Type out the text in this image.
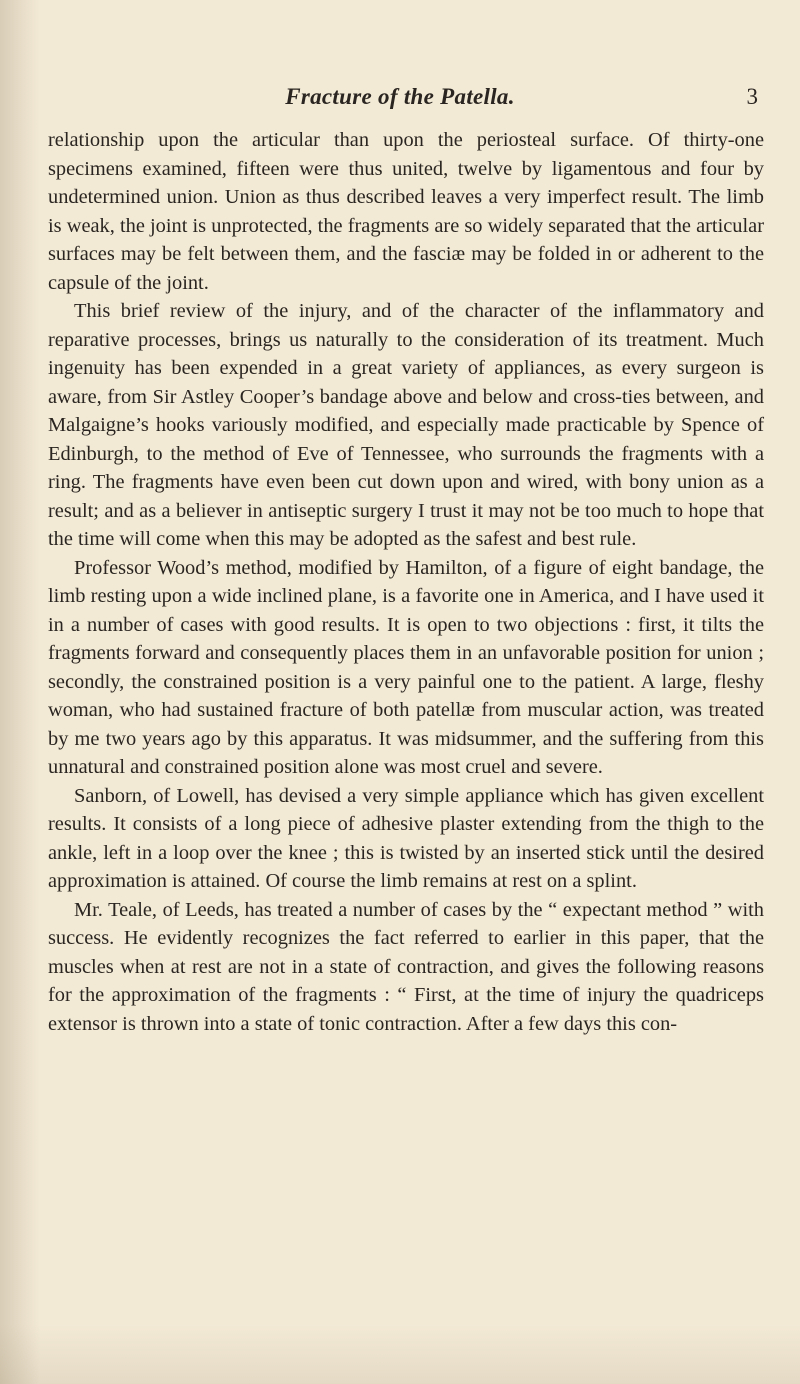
Fracture of the Patella.	3

relationship upon the articular than upon the periosteal surface. Of thirty-one specimens examined, fifteen were thus united, twelve by ligamentous and four by undetermined union. Union as thus described leaves a very imperfect result. The limb is weak, the joint is unprotected, the fragments are so widely separated that the articular surfaces may be felt between them, and the fasciæ may be folded in or adherent to the capsule of the joint.

This brief review of the injury, and of the character of the inflammatory and reparative processes, brings us naturally to the consideration of its treatment. Much ingenuity has been expended in a great variety of appliances, as every surgeon is aware, from Sir Astley Cooper’s bandage above and below and cross-ties between, and Malgaigne’s hooks variously modified, and especially made practicable by Spence of Edinburgh, to the method of Eve of Tennessee, who surrounds the fragments with a ring. The fragments have even been cut down upon and wired, with bony union as a result; and as a believer in antiseptic surgery I trust it may not be too much to hope that the time will come when this may be adopted as the safest and best rule.

Professor Wood’s method, modified by Hamilton, of a figure of eight bandage, the limb resting upon a wide inclined plane, is a favorite one in America, and I have used it in a number of cases with good results. It is open to two objections : first, it tilts the fragments forward and consequently places them in an unfavorable position for union ; secondly, the constrained position is a very painful one to the patient. A large, fleshy woman, who had sustained fracture of both patellæ from muscular action, was treated by me two years ago by this apparatus. It was midsummer, and the suffering from this unnatural and constrained position alone was most cruel and severe.

Sanborn, of Lowell, has devised a very simple appliance which has given excellent results. It consists of a long piece of adhesive plaster extending from the thigh to the ankle, left in a loop over the knee ; this is twisted by an inserted stick until the desired approximation is attained. Of course the limb remains at rest on a splint.

Mr. Teale, of Leeds, has treated a number of cases by the “ expectant method ” with success. He evidently recognizes the fact referred to earlier in this paper, that the muscles when at rest are not in a state of contraction, and gives the following reasons for the approximation of the fragments : “ First, at the time of injury the quadriceps extensor is thrown into a state of tonic contraction. After a few days this con-
